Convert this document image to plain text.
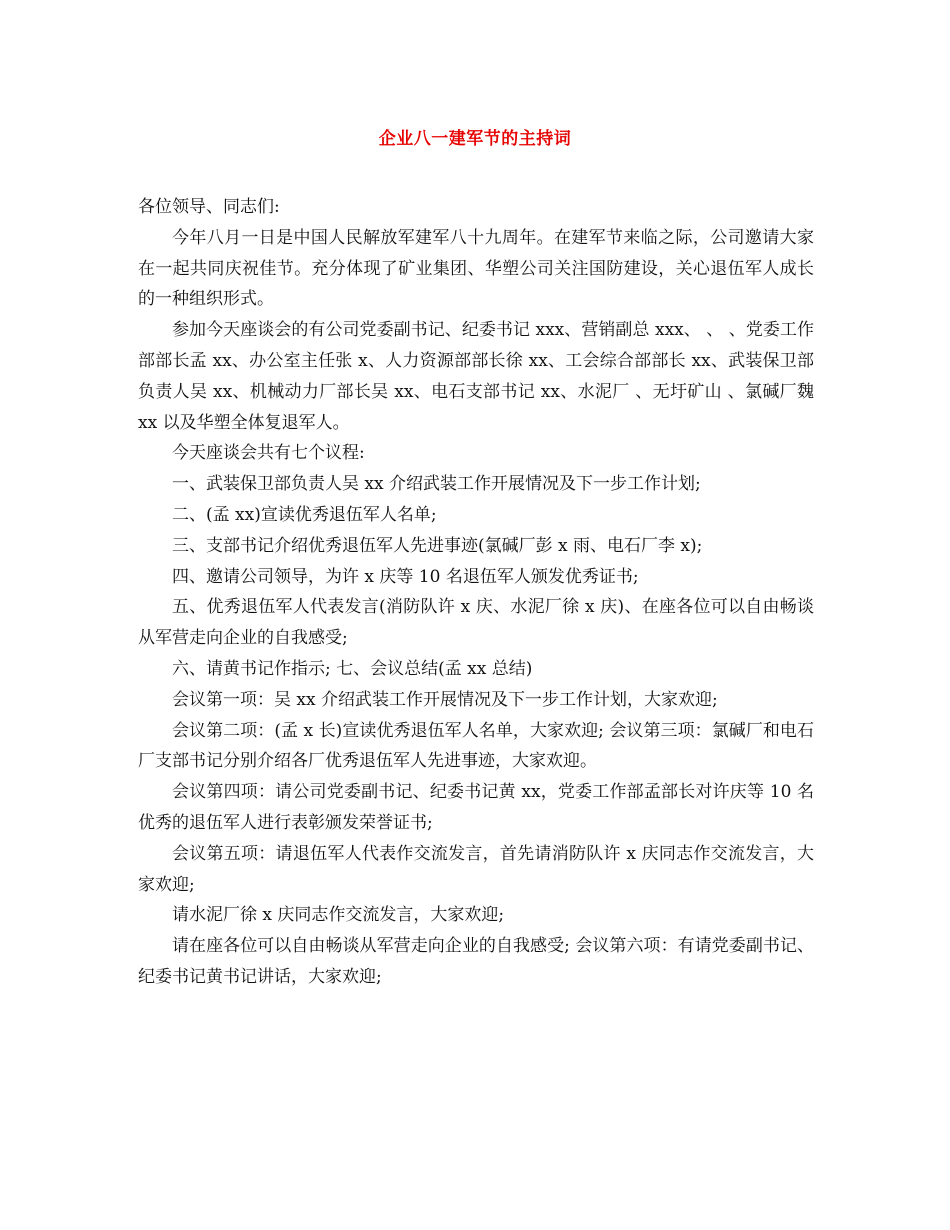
企业八一建军节的主持词

各位领导、同志们:

今年八月一日是中国人民解放军建军八十九周年。在建军节来临之际，公司邀请大家在一起共同庆祝佳节。充分体现了矿业集团、华塑公司关注国防建设，关心退伍军人成长的一种组织形式。

参加今天座谈会的有公司党委副书记、纪委书记 xxx、营销副总 xxx、 、 、党委工作部部长孟 xx、办公室主任张 x、人力资源部部长徐 xx、工会综合部部长 xx、武装保卫部负责人吴 xx、机械动力厂部长吴 xx、电石支部书记 xx、水泥厂 、无圩矿山 、氯碱厂魏 xx 以及华塑全体复退军人。

今天座谈会共有七个议程:

一、武装保卫部负责人吴 xx 介绍武装工作开展情况及下一步工作计划;

二、(孟 xx)宣读优秀退伍军人名单;

三、支部书记介绍优秀退伍军人先进事迹(氯碱厂彭 x 雨、电石厂李 x);

四、邀请公司领导，为许 x 庆等 10 名退伍军人颁发优秀证书;

五、优秀退伍军人代表发言(消防队许 x 庆、水泥厂徐 x 庆)、在座各位可以自由畅谈从军营走向企业的自我感受;

六、请黄书记作指示; 七、会议总结(孟 xx 总结)

会议第一项：吴 xx 介绍武装工作开展情况及下一步工作计划，大家欢迎;

会议第二项：(孟 x 长)宣读优秀退伍军人名单，大家欢迎; 会议第三项：氯碱厂和电石厂支部书记分别介绍各厂优秀退伍军人先进事迹，大家欢迎。

会议第四项：请公司党委副书记、纪委书记黄 xx，党委工作部孟部长对许庆等 10 名优秀的退伍军人进行表彰颁发荣誉证书;

会议第五项：请退伍军人代表作交流发言，首先请消防队许 x 庆同志作交流发言，大家欢迎;

请水泥厂徐 x 庆同志作交流发言，大家欢迎;

请在座各位可以自由畅谈从军营走向企业的自我感受; 会议第六项：有请党委副书记、纪委书记黄书记讲话，大家欢迎;
